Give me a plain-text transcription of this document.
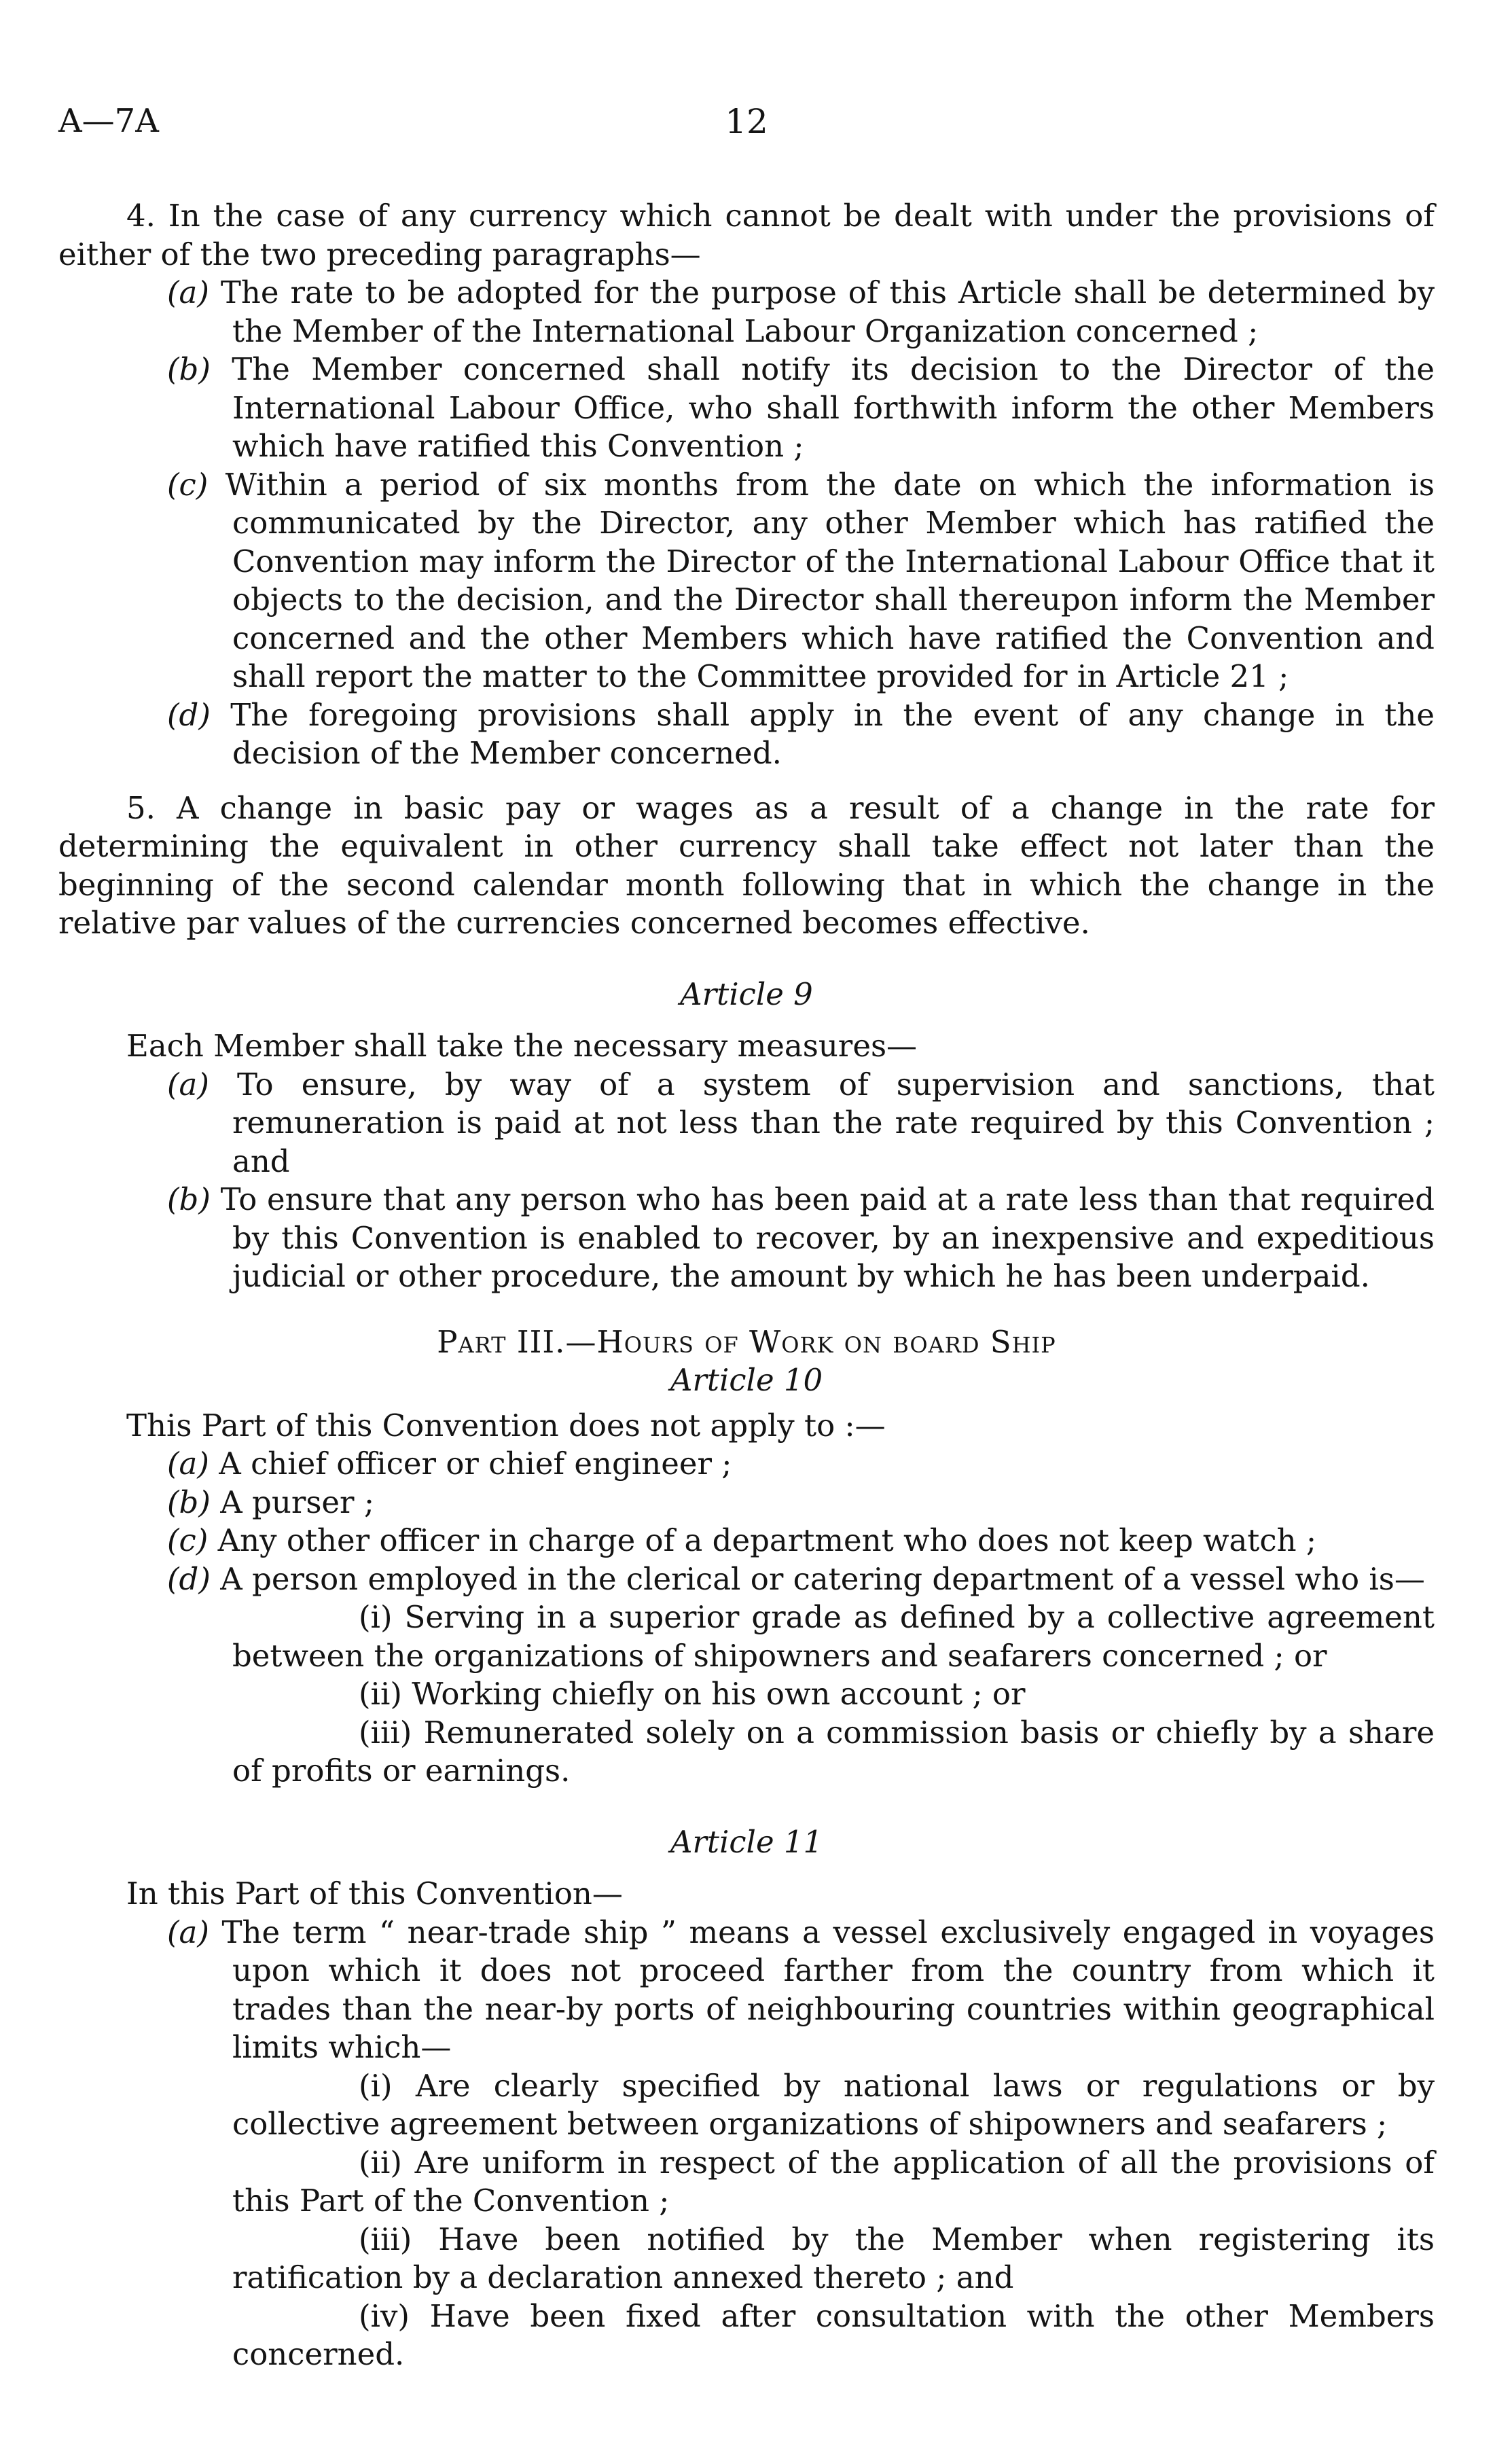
A—7A	12

4. In the case of any currency which cannot be dealt with under the provisions of either of the two preceding paragraphs—

(a) The rate to be adopted for the purpose of this Article shall be determined by the Member of the International Labour Organization concerned ;

(b) The Member concerned shall notify its decision to the Director of the International Labour Office, who shall forthwith inform the other Members which have ratified this Convention ;

(c) Within a period of six months from the date on which the information is communicated by the Director, any other Member which has ratified the Convention may inform the Director of the International Labour Office that it objects to the decision, and the Director shall thereupon inform the Member concerned and the other Members which have ratified the Convention and shall report the matter to the Committee provided for in Article 21 ;

(d) The foregoing provisions shall apply in the event of any change in the decision of the Member concerned.

5. A change in basic pay or wages as a result of a change in the rate for determining the equivalent in other currency shall take effect not later than the beginning of the second calendar month following that in which the change in the relative par values of the currencies concerned becomes effective.

Article 9

Each Member shall take the necessary measures—

(a) To ensure, by way of a system of supervision and sanctions, that remuneration is paid at not less than the rate required by this Convention ; and

(b) To ensure that any person who has been paid at a rate less than that required by this Convention is enabled to recover, by an inexpensive and expeditious judicial or other procedure, the amount by which he has been underpaid.

Part III.—Hours of Work on board Ship

Article 10

This Part of this Convention does not apply to :—

(a) A chief officer or chief engineer ;

(b) A purser ;

(c) Any other officer in charge of a department who does not keep watch ;

(d) A person employed in the clerical or catering department of a vessel who is—

(i) Serving in a superior grade as defined by a collective agreement between the organizations of shipowners and seafarers concerned ; or

(ii) Working chiefly on his own account ; or

(iii) Remunerated solely on a commission basis or chiefly by a share of profits or earnings.

Article 11

In this Part of this Convention—

(a) The term “ near-trade ship ” means a vessel exclusively engaged in voyages upon which it does not proceed farther from the country from which it trades than the near-by ports of neighbouring countries within geographical limits which—

(i) Are clearly specified by national laws or regulations or by collective agreement between organizations of shipowners and seafarers ;

(ii) Are uniform in respect of the application of all the provisions of this Part of the Convention ;

(iii) Have been notified by the Member when registering its ratification by a declaration annexed thereto ; and

(iv) Have been fixed after consultation with the other Members concerned.
